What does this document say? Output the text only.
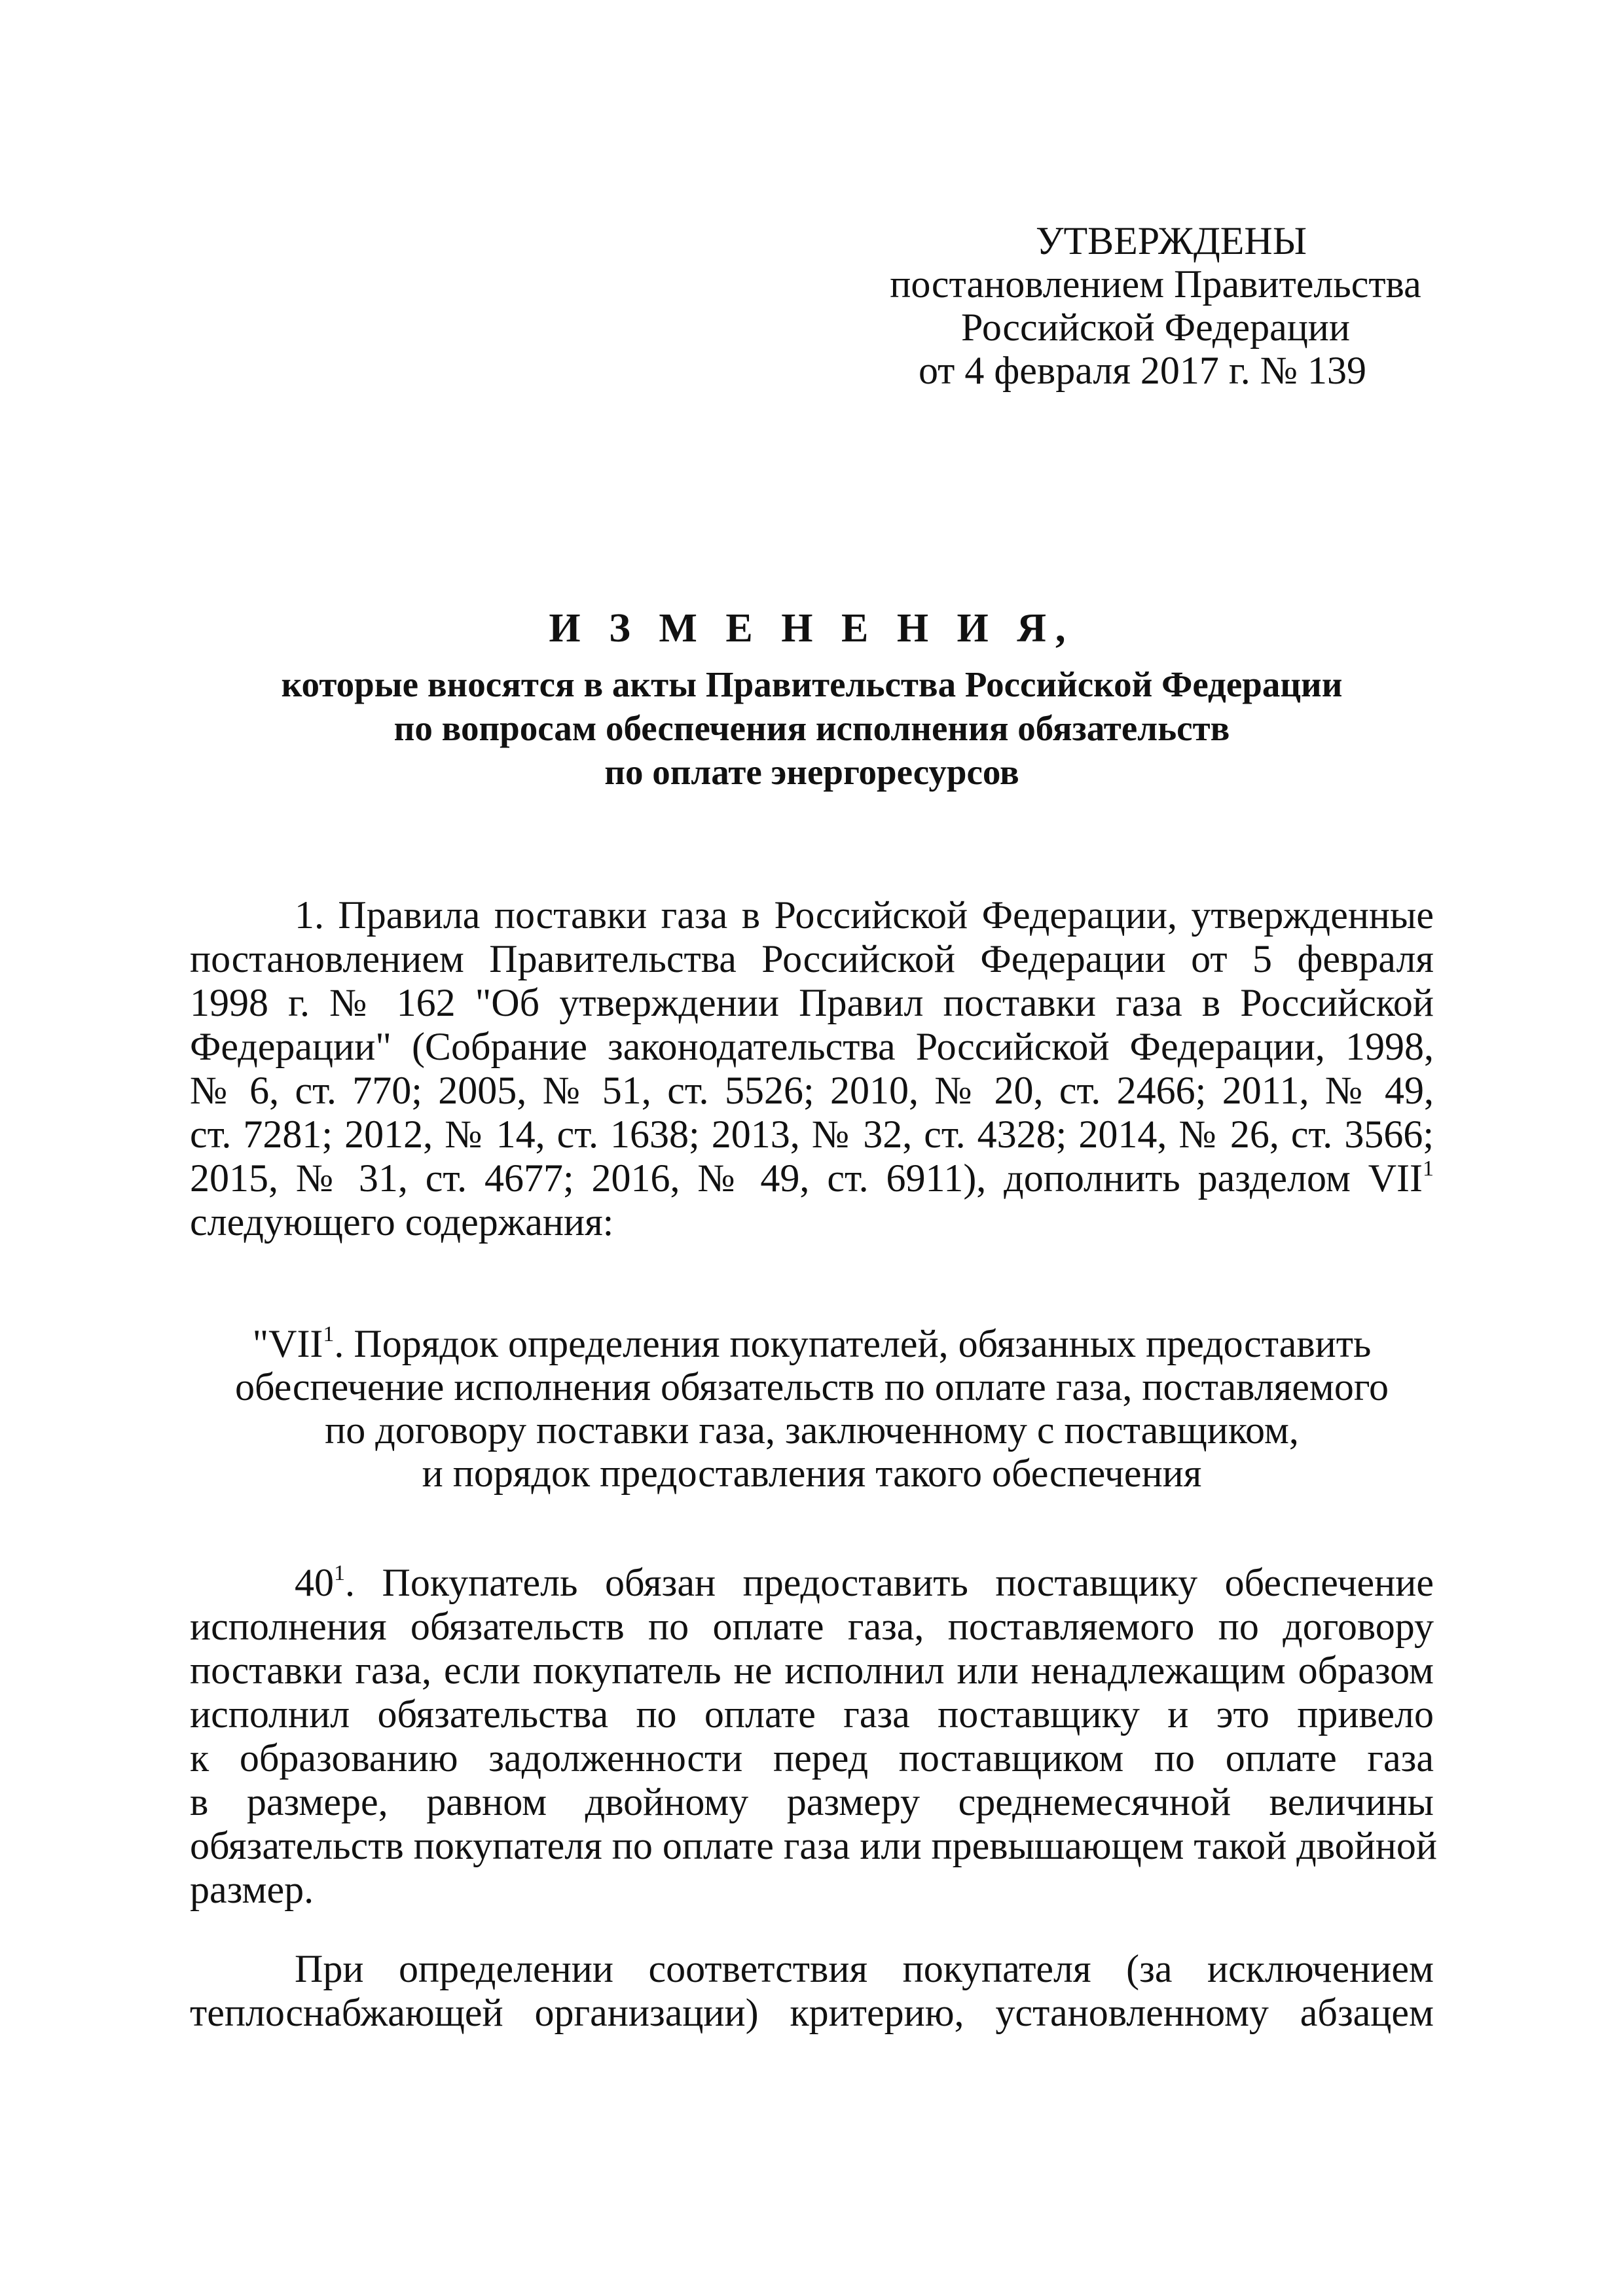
УТВЕРЖДЕНЫ
постановлением Правительства
Российской Федерации
от 4 февраля 2017 г. № 139
И З М Е Н Е Н И Я,
которые вносятся в акты Правительства Российской Федерации
по вопросам обеспечения исполнения обязательств
по оплате энергоресурсов
1. Правила поставки газа в Российской Федерации, утвержденные
постановлением Правительства Российской Федерации от 5 февраля
1998 г. № 162 "Об утверждении Правил поставки газа в Российской
Федерации" (Собрание законодательства Российской Федерации, 1998,
№ 6, ст. 770; 2005, № 51, ст. 5526; 2010, № 20, ст. 2466; 2011, № 49,
ст. 7281; 2012, № 14, ст. 1638; 2013, № 32, ст. 4328; 2014, № 26, ст. 3566;
2015, № 31, ст. 4677; 2016, № 49, ст. 6911), дополнить разделом VII$^1$
следующего содержания:
"VII$^1$. Порядок определения покупателей, обязанных предоставить
обеспечение исполнения обязательств по оплате газа, поставляемого
по договору поставки газа, заключенному с поставщиком,
и порядок предоставления такого обеспечения
$40^1$. Покупатель обязан предоставить поставщику обеспечение
исполнения обязательств по оплате газа, поставляемого по договору
поставки газа, если покупатель не исполнил или ненадлежащим образом
исполнил обязательства по оплате газа поставщику и это привело
к образованию задолженности перед поставщиком по оплате газа
в размере, равном двойному размеру среднемесячной величины
обязательств покупателя по оплате газа или превышающем такой двойной
размер.
При определении соответствия покупателя (за исключением
теплоснабжающей организации) критерию, установленному абзацем
